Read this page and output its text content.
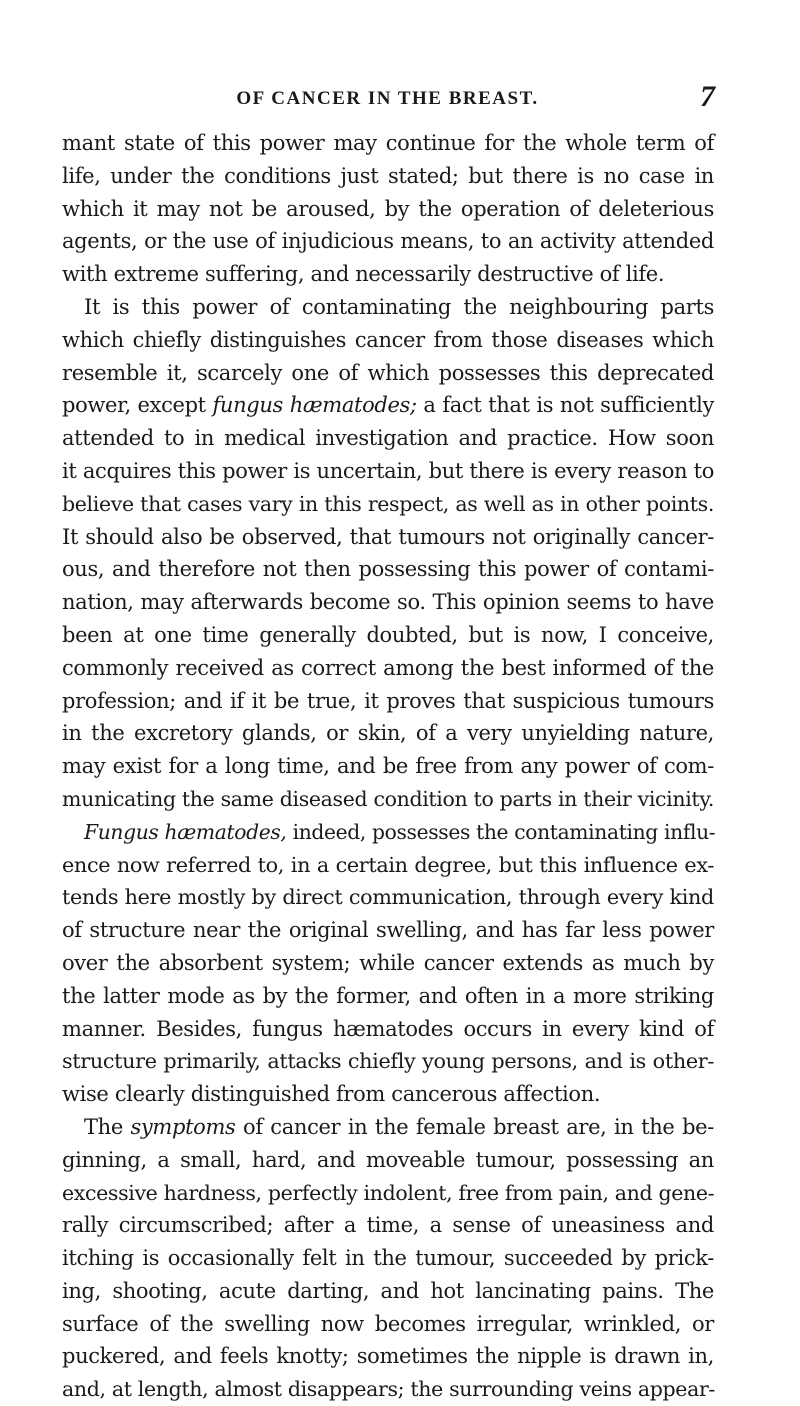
OF CANCER IN THE BREAST.	7
mant state of this power may continue for the whole term of
life, under the conditions just stated; but there is no case in
which it may not be aroused, by the operation of deleterious
agents, or the use of injudicious means, to an activity attended
with extreme suffering, and necessarily destructive of life.
It is this power of contaminating the neighbouring parts
which chiefly distinguishes cancer from those diseases which
resemble it, scarcely one of which possesses this deprecated
power, except fungus hæmatodes; a fact that is not sufficiently
attended to in medical investigation and practice. How soon
it acquires this power is uncertain, but there is every reason to
believe that cases vary in this respect, as well as in other points.
It should also be observed, that tumours not originally cancer-
ous, and therefore not then possessing this power of contami-
nation, may afterwards become so. This opinion seems to have
been at one time generally doubted, but is now, I conceive,
commonly received as correct among the best informed of the
profession; and if it be true, it proves that suspicious tumours
in the excretory glands, or skin, of a very unyielding nature,
may exist for a long time, and be free from any power of com-
municating the same diseased condition to parts in their vicinity.
Fungus hæmatodes, indeed, possesses the contaminating influ-
ence now referred to, in a certain degree, but this influence ex-
tends here mostly by direct communication, through every kind
of structure near the original swelling, and has far less power
over the absorbent system; while cancer extends as much by
the latter mode as by the former, and often in a more striking
manner. Besides, fungus hæmatodes occurs in every kind of
structure primarily, attacks chiefly young persons, and is other-
wise clearly distinguished from cancerous affection.
The symptoms of cancer in the female breast are, in the be-
ginning, a small, hard, and moveable tumour, possessing an
excessive hardness, perfectly indolent, free from pain, and gene-
rally circumscribed; after a time, a sense of uneasiness and
itching is occasionally felt in the tumour, succeeded by prick-
ing, shooting, acute darting, and hot lancinating pains. The
surface of the swelling now becomes irregular, wrinkled, or
puckered, and feels knotty; sometimes the nipple is drawn in,
and, at length, almost disappears; the surrounding veins appear-
